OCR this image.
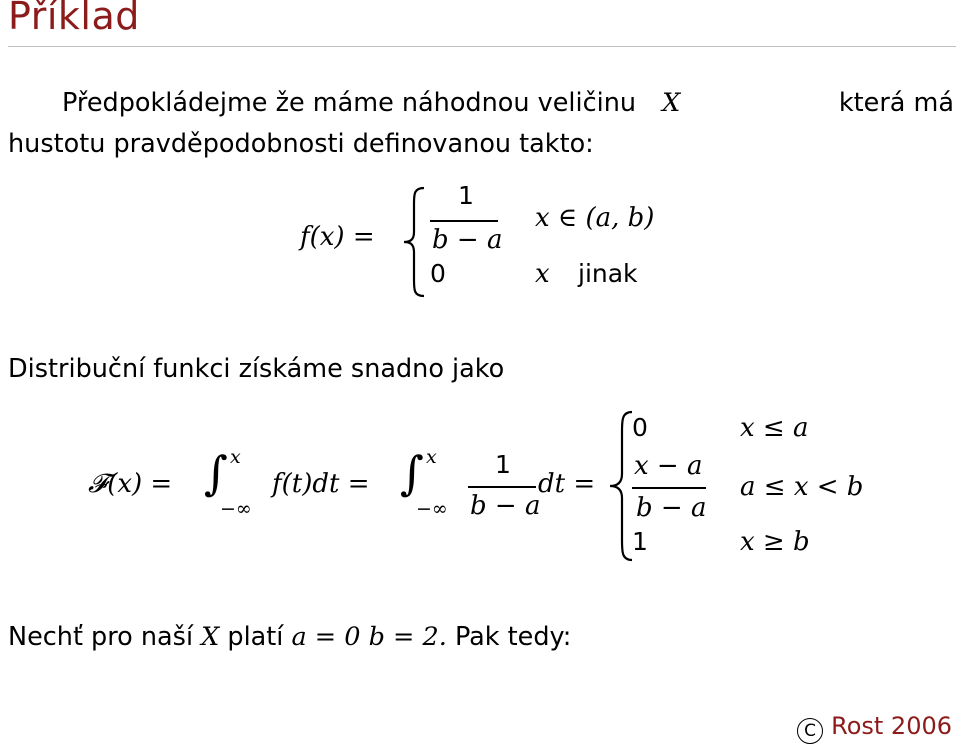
Příklad
Předpokládejme že máme náhodnou veličinu X	která má
hustotu pravděpodobnosti definovanou takto:
f(x) =
1
b − a
x ∈ (a, b)
0	x jinak
Distribuční funkci získáme snadno jako
𝓕(x) = ∫ x
−∞
f(t)dt = ∫ x
−∞
1
b − a
dt =
0	x ≤ a
x − a
b − a
a ≤ x < b
1	x ≥ b
Nechť pro naší X platí a = 0 b = 2. Pak tedy:
C Rost 2006
